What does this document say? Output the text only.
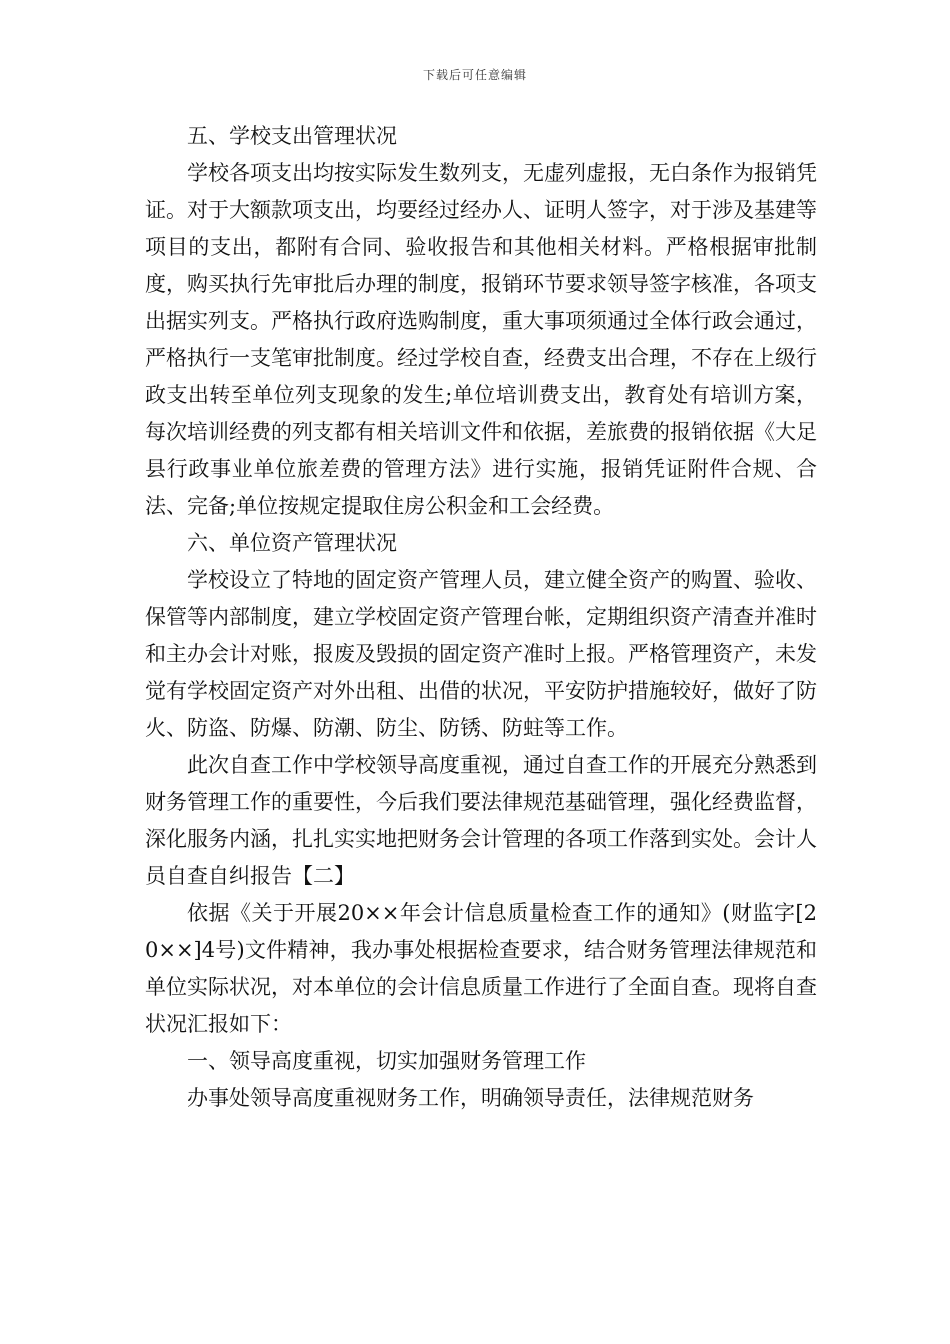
下载后可任意编辑

五、学校支出管理状况

学校各项支出均按实际发生数列支，无虚列虚报，无白条作为报销凭证。对于大额款项支出，均要经过经办人、证明人签字，对于涉及基建等项目的支出，都附有合同、验收报告和其他相关材料。严格根据审批制度，购买执行先审批后办理的制度，报销环节要求领导签字核准，各项支出据实列支。严格执行政府选购制度，重大事项须通过全体行政会通过，严格执行一支笔审批制度。经过学校自查，经费支出合理，不存在上级行政支出转至单位列支现象的发生;单位培训费支出，教育处有培训方案，每次培训经费的列支都有相关培训文件和依据，差旅费的报销依据《大足县行政事业单位旅差费的管理方法》进行实施，报销凭证附件合规、合法、完备;单位按规定提取住房公积金和工会经费。

六、单位资产管理状况

学校设立了特地的固定资产管理人员，建立健全资产的购置、验收、保管等内部制度，建立学校固定资产管理台帐，定期组织资产清查并准时和主办会计对账，报废及毁损的固定资产准时上报。严格管理资产，未发觉有学校固定资产对外出租、出借的状况，平安防护措施较好，做好了防火、防盗、防爆、防潮、防尘、防锈、防蛀等工作。

此次自查工作中学校领导高度重视，通过自查工作的开展充分熟悉到财务管理工作的重要性，今后我们要法律规范基础管理，强化经费监督，深化服务内涵，扎扎实实地把财务会计管理的各项工作落到实处。会计人员自查自纠报告【二】

依据《关于开展20××年会计信息质量检查工作的通知》(财监字[20××]4号)文件精神，我办事处根据检查要求，结合财务管理法律规范和单位实际状况，对本单位的会计信息质量工作进行了全面自查。现将自查状况汇报如下：

一、领导高度重视，切实加强财务管理工作

办事处领导高度重视财务工作，明确领导责任，法律规范财务
